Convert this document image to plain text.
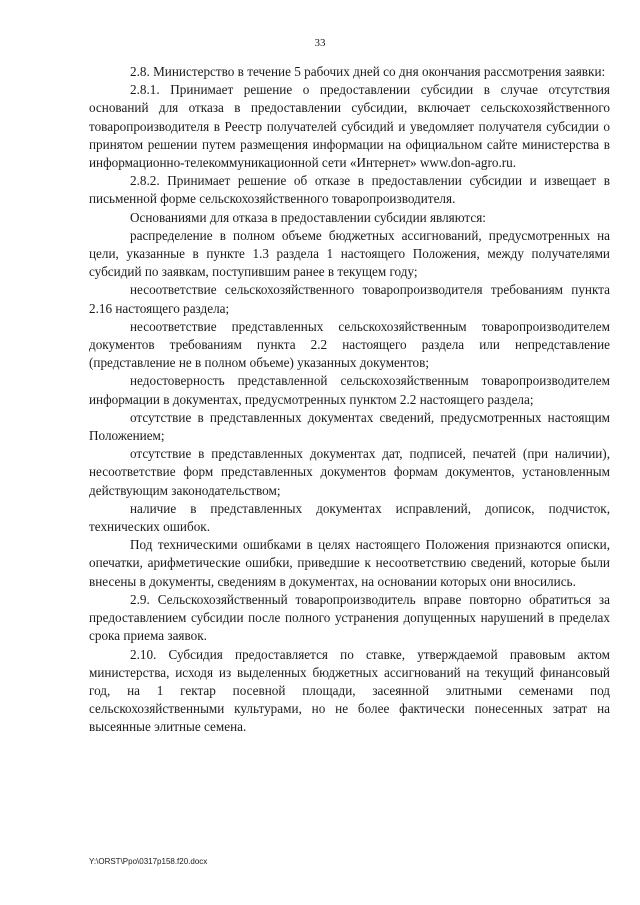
33

2.8. Министерство в течение 5 рабочих дней со дня окончания рассмотрения заявки:

2.8.1. Принимает решение о предоставлении субсидии в случае отсутствия оснований для отказа в предоставлении субсидии, включает сельскохозяйственного товаропроизводителя в Реестр получателей субсидий и уведомляет получателя субсидии о принятом решении путем размещения информации на официальном сайте министерства в информационно-телекоммуникационной сети «Интернет» www.don-agro.ru.

2.8.2. Принимает решение об отказе в предоставлении субсидии и извещает в письменной форме сельскохозяйственного товаропроизводителя.

Основаниями для отказа в предоставлении субсидии являются:

распределение в полном объеме бюджетных ассигнований, предусмотренных на цели, указанные в пункте 1.3 раздела 1 настоящего Положения, между получателями субсидий по заявкам, поступившим ранее в текущем году;

несоответствие сельскохозяйственного товаропроизводителя требованиям пункта 2.16 настоящего раздела;

несоответствие представленных сельскохозяйственным товаропроизводителем документов требованиям пункта 2.2 настоящего раздела или непредставление (представление не в полном объеме) указанных документов;

недостоверность представленной сельскохозяйственным товаропроизводителем информации в документах, предусмотренных пунктом 2.2 настоящего раздела;

отсутствие в представленных документах сведений, предусмотренных настоящим Положением;

отсутствие в представленных документах дат, подписей, печатей (при наличии), несоответствие форм представленных документов формам документов, установленным действующим законодательством;

наличие в представленных документах исправлений, дописок, подчисток, технических ошибок.

Под техническими ошибками в целях настоящего Положения признаются описки, опечатки, арифметические ошибки, приведшие к несоответствию сведений, которые были внесены в документы, сведениям в документах, на основании которых они вносились.

2.9. Сельскохозяйственный товаропроизводитель вправе повторно обратиться за предоставлением субсидии после полного устранения допущенных нарушений в пределах срока приема заявок.

2.10. Субсидия предоставляется по ставке, утверждаемой правовым актом министерства, исходя из выделенных бюджетных ассигнований на текущий финансовый год, на 1 гектар посевной площади, засеянной элитными семенами под сельскохозяйственными культурами, но не более фактически понесенных затрат на высеянные элитные семена.

Y:\ORST\Ppo\0317p158.f20.docx
